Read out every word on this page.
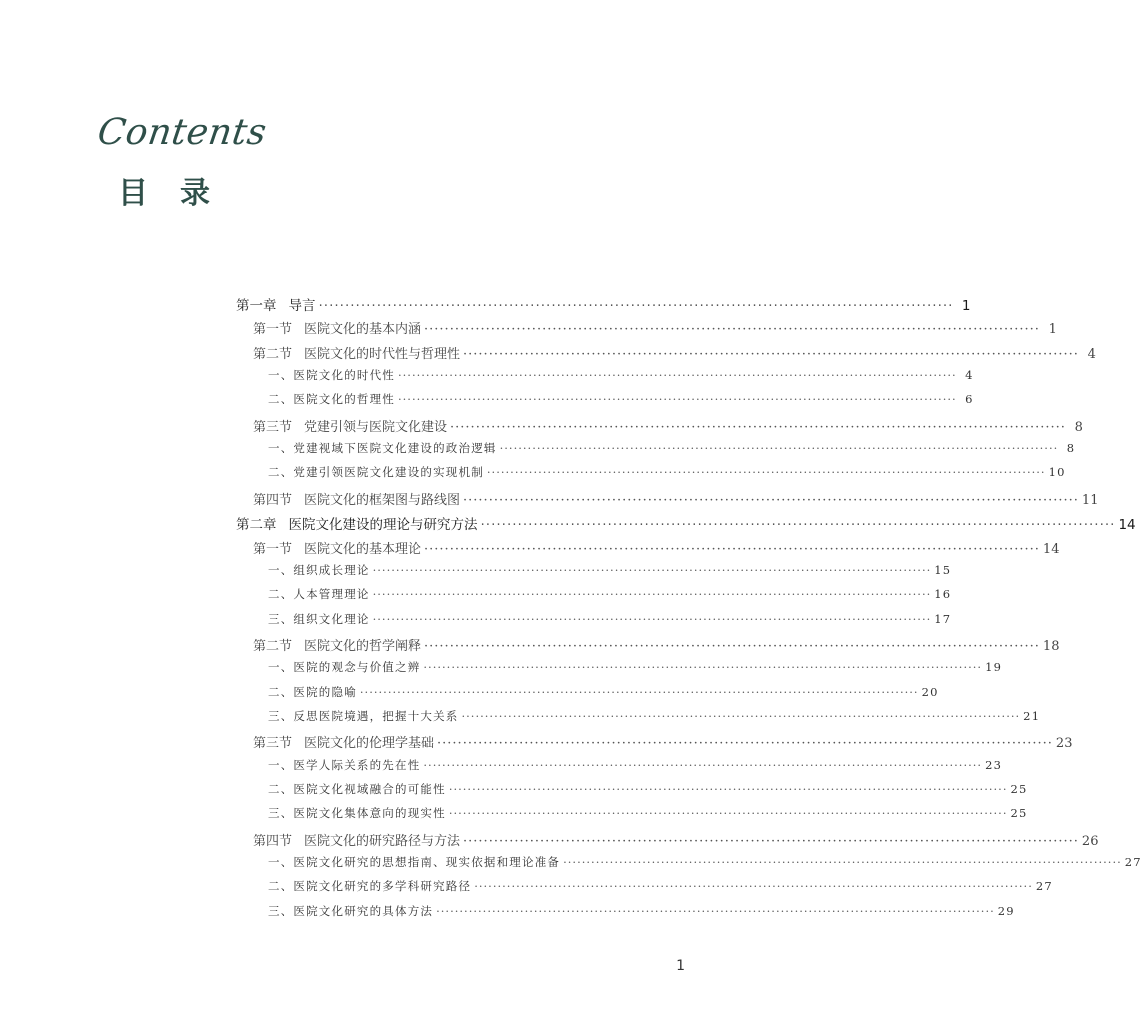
Contents
目录
第一章 导言 ························································································································ 1
第一节 医院文化的基本内涵 ························································································································ 1
第二节 医院文化的时代性与哲理性 ························································································································ 4
一、医院文化的时代性 ························································································································ 4
二、医院文化的哲理性 ························································································································ 6
第三节 党建引领与医院文化建设 ························································································································ 8
一、党建视域下医院文化建设的政治逻辑 ························································································································ 8
二、党建引领医院文化建设的实现机制 ························································································································ 10
第四节 医院文化的框架图与路线图 ························································································································ 11
第二章 医院文化建设的理论与研究方法 ························································································································ 14
第一节 医院文化的基本理论 ························································································································ 14
一、组织成长理论 ························································································································ 15
二、人本管理理论 ························································································································ 16
三、组织文化理论 ························································································································ 17
第二节 医院文化的哲学阐释 ························································································································ 18
一、医院的观念与价值之辨 ························································································································ 19
二、医院的隐喻 ························································································································ 20
三、反思医院境遇，把握十大关系 ························································································································ 21
第三节 医院文化的伦理学基础 ························································································································ 23
一、医学人际关系的先在性 ························································································································ 23
二、医院文化视域融合的可能性 ························································································································ 25
三、医院文化集体意向的现实性 ························································································································ 25
第四节 医院文化的研究路径与方法 ························································································································ 26
一、医院文化研究的思想指南、现实依据和理论准备 ························································································································ 27
二、医院文化研究的多学科研究路径 ························································································································ 27
三、医院文化研究的具体方法 ························································································································ 29
1
